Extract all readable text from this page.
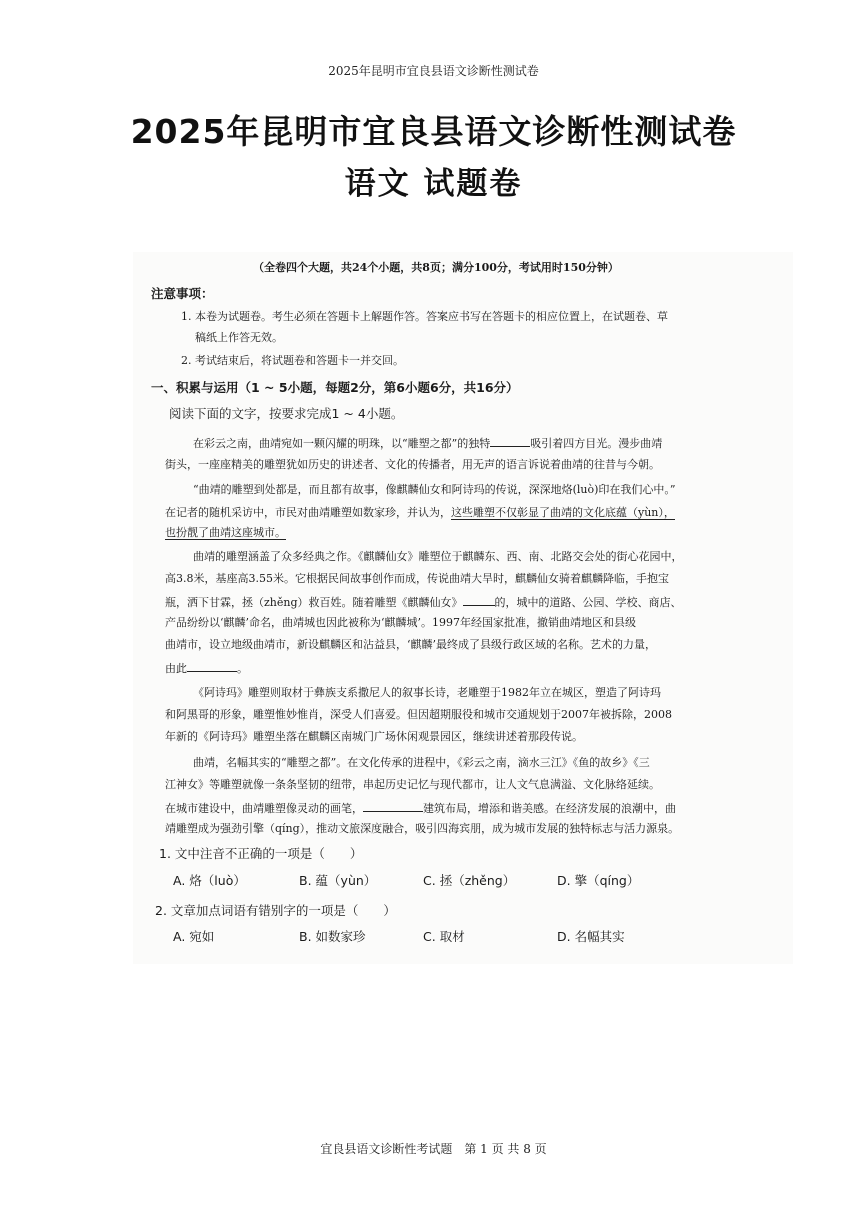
2025年昆明市宜良县语文诊断性测试卷
2025年昆明市宜良县语文诊断性测试卷
语文 试题卷
（全卷四个大题，共24个小题，共8页；满分100分，考试用时150分钟）
注意事项：
1. 本卷为试题卷。考生必须在答题卡上解题作答。答案应书写在答题卡的相应位置上，在试题卷、草
稿纸上作答无效。
2. 考试结束后，将试题卷和答题卡一并交回。
一、积累与运用（1 ~ 5小题，每题2分，第6小题6分，共16分）
阅读下面的文字，按要求完成1 ~ 4小题。
在彩云之南，曲靖宛如一颗闪耀的明珠，以“雕塑之都”的独特	吸引着四方目光。漫步曲靖
街头，一座座精美的雕塑犹如历史的讲述者、文化的传播者，用无声的语言诉说着曲靖的往昔与今朝。
“曲靖的雕塑到处都是，而且都有故事，像麒麟仙女和阿诗玛的传说，深深地烙(luò)印在我们心中。”
在记者的随机采访中，市民对曲靖雕塑如数家珍，并认为，这些雕塑不仅彰显了曲靖的文化底蕴（yùn），
也扮靓了曲靖这座城市。
曲靖的雕塑涵盖了众多经典之作。《麒麟仙女》雕塑位于麒麟东、西、南、北路交会处的街心花园中，
高3.8米，基座高3.55米。它根据民间故事创作而成，传说曲靖大旱时，麒麟仙女骑着麒麟降临，手抱宝
瓶，洒下甘霖，拯（zhěng）救百姓。随着雕塑《麒麟仙女》	的，城中的道路、公园、学校、商店、
产品纷纷以‘麒麟’命名，曲靖城也因此被称为‘麒麟城’。1997年经国家批准，撤销曲靖地区和县级
曲靖市，设立地级曲靖市，新设麒麟区和沾益县，‘麒麟’最终成了县级行政区域的名称。艺术的力量，
由此	。
《阿诗玛》雕塑则取材于彝族支系撒尼人的叙事长诗，老雕塑于1982年立在城区，塑造了阿诗玛
和阿黑哥的形象，雕塑惟妙惟肖，深受人们喜爱。但因超期服役和城市交通规划于2007年被拆除，2008
年新的《阿诗玛》雕塑坐落在麒麟区南城门广场休闲观景园区，继续讲述着那段传说。
曲靖，名幅其实的“雕塑之都”。在文化传承的进程中，《彩云之南，滴水三江》《鱼的故乡》《三
江神女》等雕塑就像一条条坚韧的纽带，串起历史记忆与现代都市，让人文气息满溢、文化脉络延续。
在城市建设中，曲靖雕塑像灵动的画笔，	建筑布局，增添和谐美感。在经济发展的浪潮中，曲
靖雕塑成为强劲引擎（qíng），推动文旅深度融合，吸引四海宾朋，成为城市发展的独特标志与活力源泉。
1. 文中注音不正确的一项是（　　）
A. 烙（luò）	B. 蕴（yùn）	C. 拯（zhěng）	D. 擎（qíng）
2. 文章加点词语有错别字的一项是（　　）
A. 宛如	B. 如数家珍	C. 取材	D. 名幅其实
宜良县语文诊断性考试题　第 1 页 共 8 页
